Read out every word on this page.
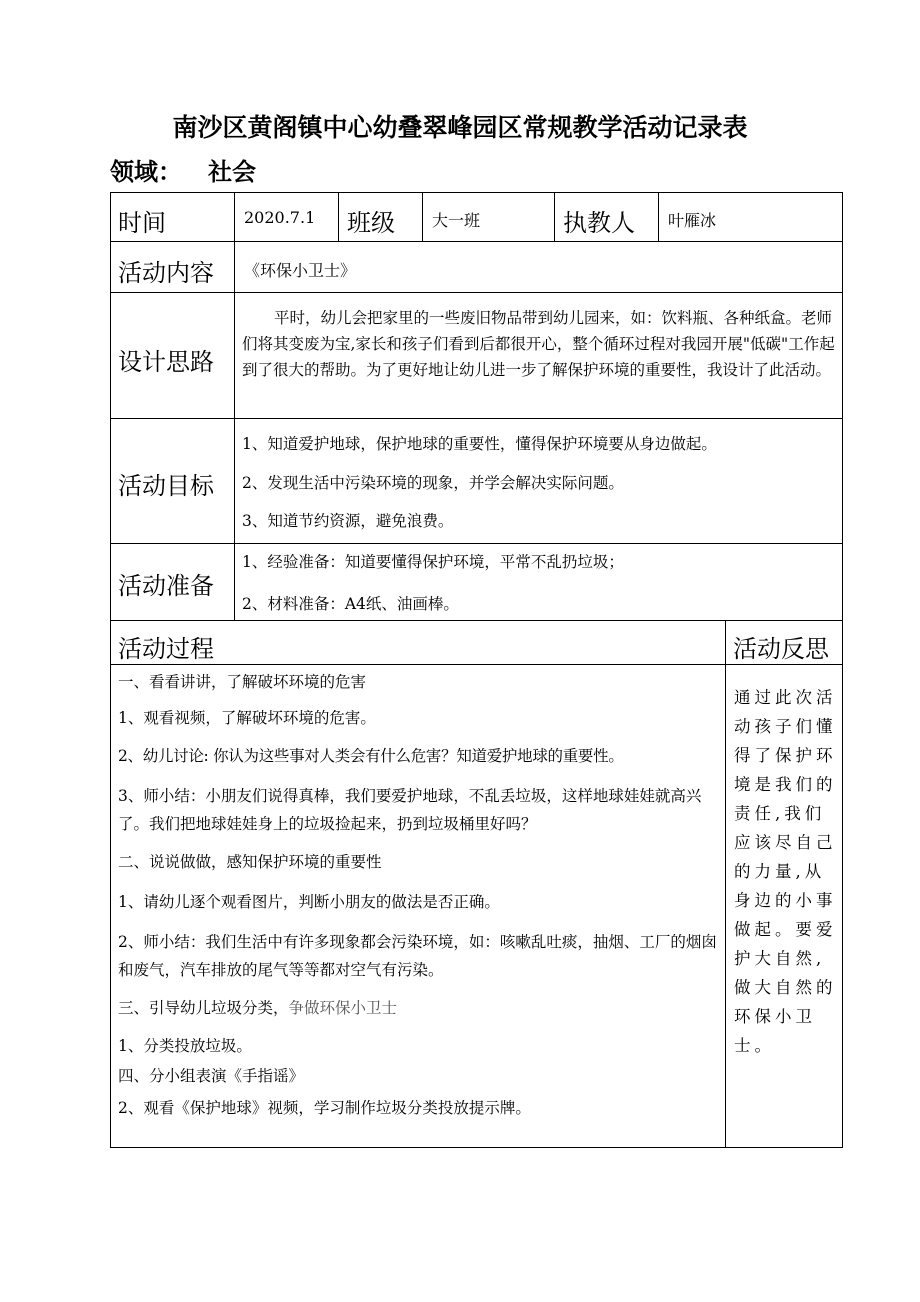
南沙区黄阁镇中心幼叠翠峰园区常规教学活动记录表
领域： 社会
时间	2020.7.1 班级 大一班	执教人 叶雁冰
活动内容 《环保小卫士》
设计思路
平时，幼儿会把家里的一些废旧物品带到幼儿园来，如：饮料瓶、各种纸盒。老师们将其变废为宝,家长和孩子们看到后都很开心，整个循环过程对我园开展"低碳"工作起到了很大的帮助。为了更好地让幼儿进一步了解保护环境的重要性，我设计了此活动。
活动目标

1、知道爱护地球，保护地球的重要性，懂得保护环境要从身边做起。

2、发现生活中污染环境的现象，并学会解决实际问题。

3、知道节约资源，避免浪费。

活动准备

1、经验准备：知道要懂得保护环境，平常不乱扔垃圾；

2、材料准备：A4纸、油画棒。

活动过程	活动反思

一、看看讲讲，了解破坏环境的危害

1、观看视频，了解破坏环境的危害。

2、幼儿讨论: 你认为这些事对人类会有什么危害？知道爱护地球的重要性。

3、师小结：小朋友们说得真棒，我们要爱护地球，不乱丢垃圾，这样地球娃娃就高兴了。我们把地球娃娃身上的垃圾捡起来，扔到垃圾桶里好吗？

二、说说做做，感知保护环境的重要性

1、请幼儿逐个观看图片，判断小朋友的做法是否正确。

2、师小结：我们生活中有许多现象都会污染环境，如：咳嗽乱吐痰，抽烟、工厂的烟囱和废气，汽车排放的尾气等等都对空气有污染。

三、引导幼儿垃圾分类，争做环保小卫士

1、分类投放垃圾。

四、分小组表演《手指谣》

2、观看《保护地球》视频，学习制作垃圾分类投放提示牌。

通过此次活动孩子们懂得了保护环境是我们的责任,我们应该尽自己的力量,从身边的小事做起。要爱护大自然,做大自然的环保小卫士。
